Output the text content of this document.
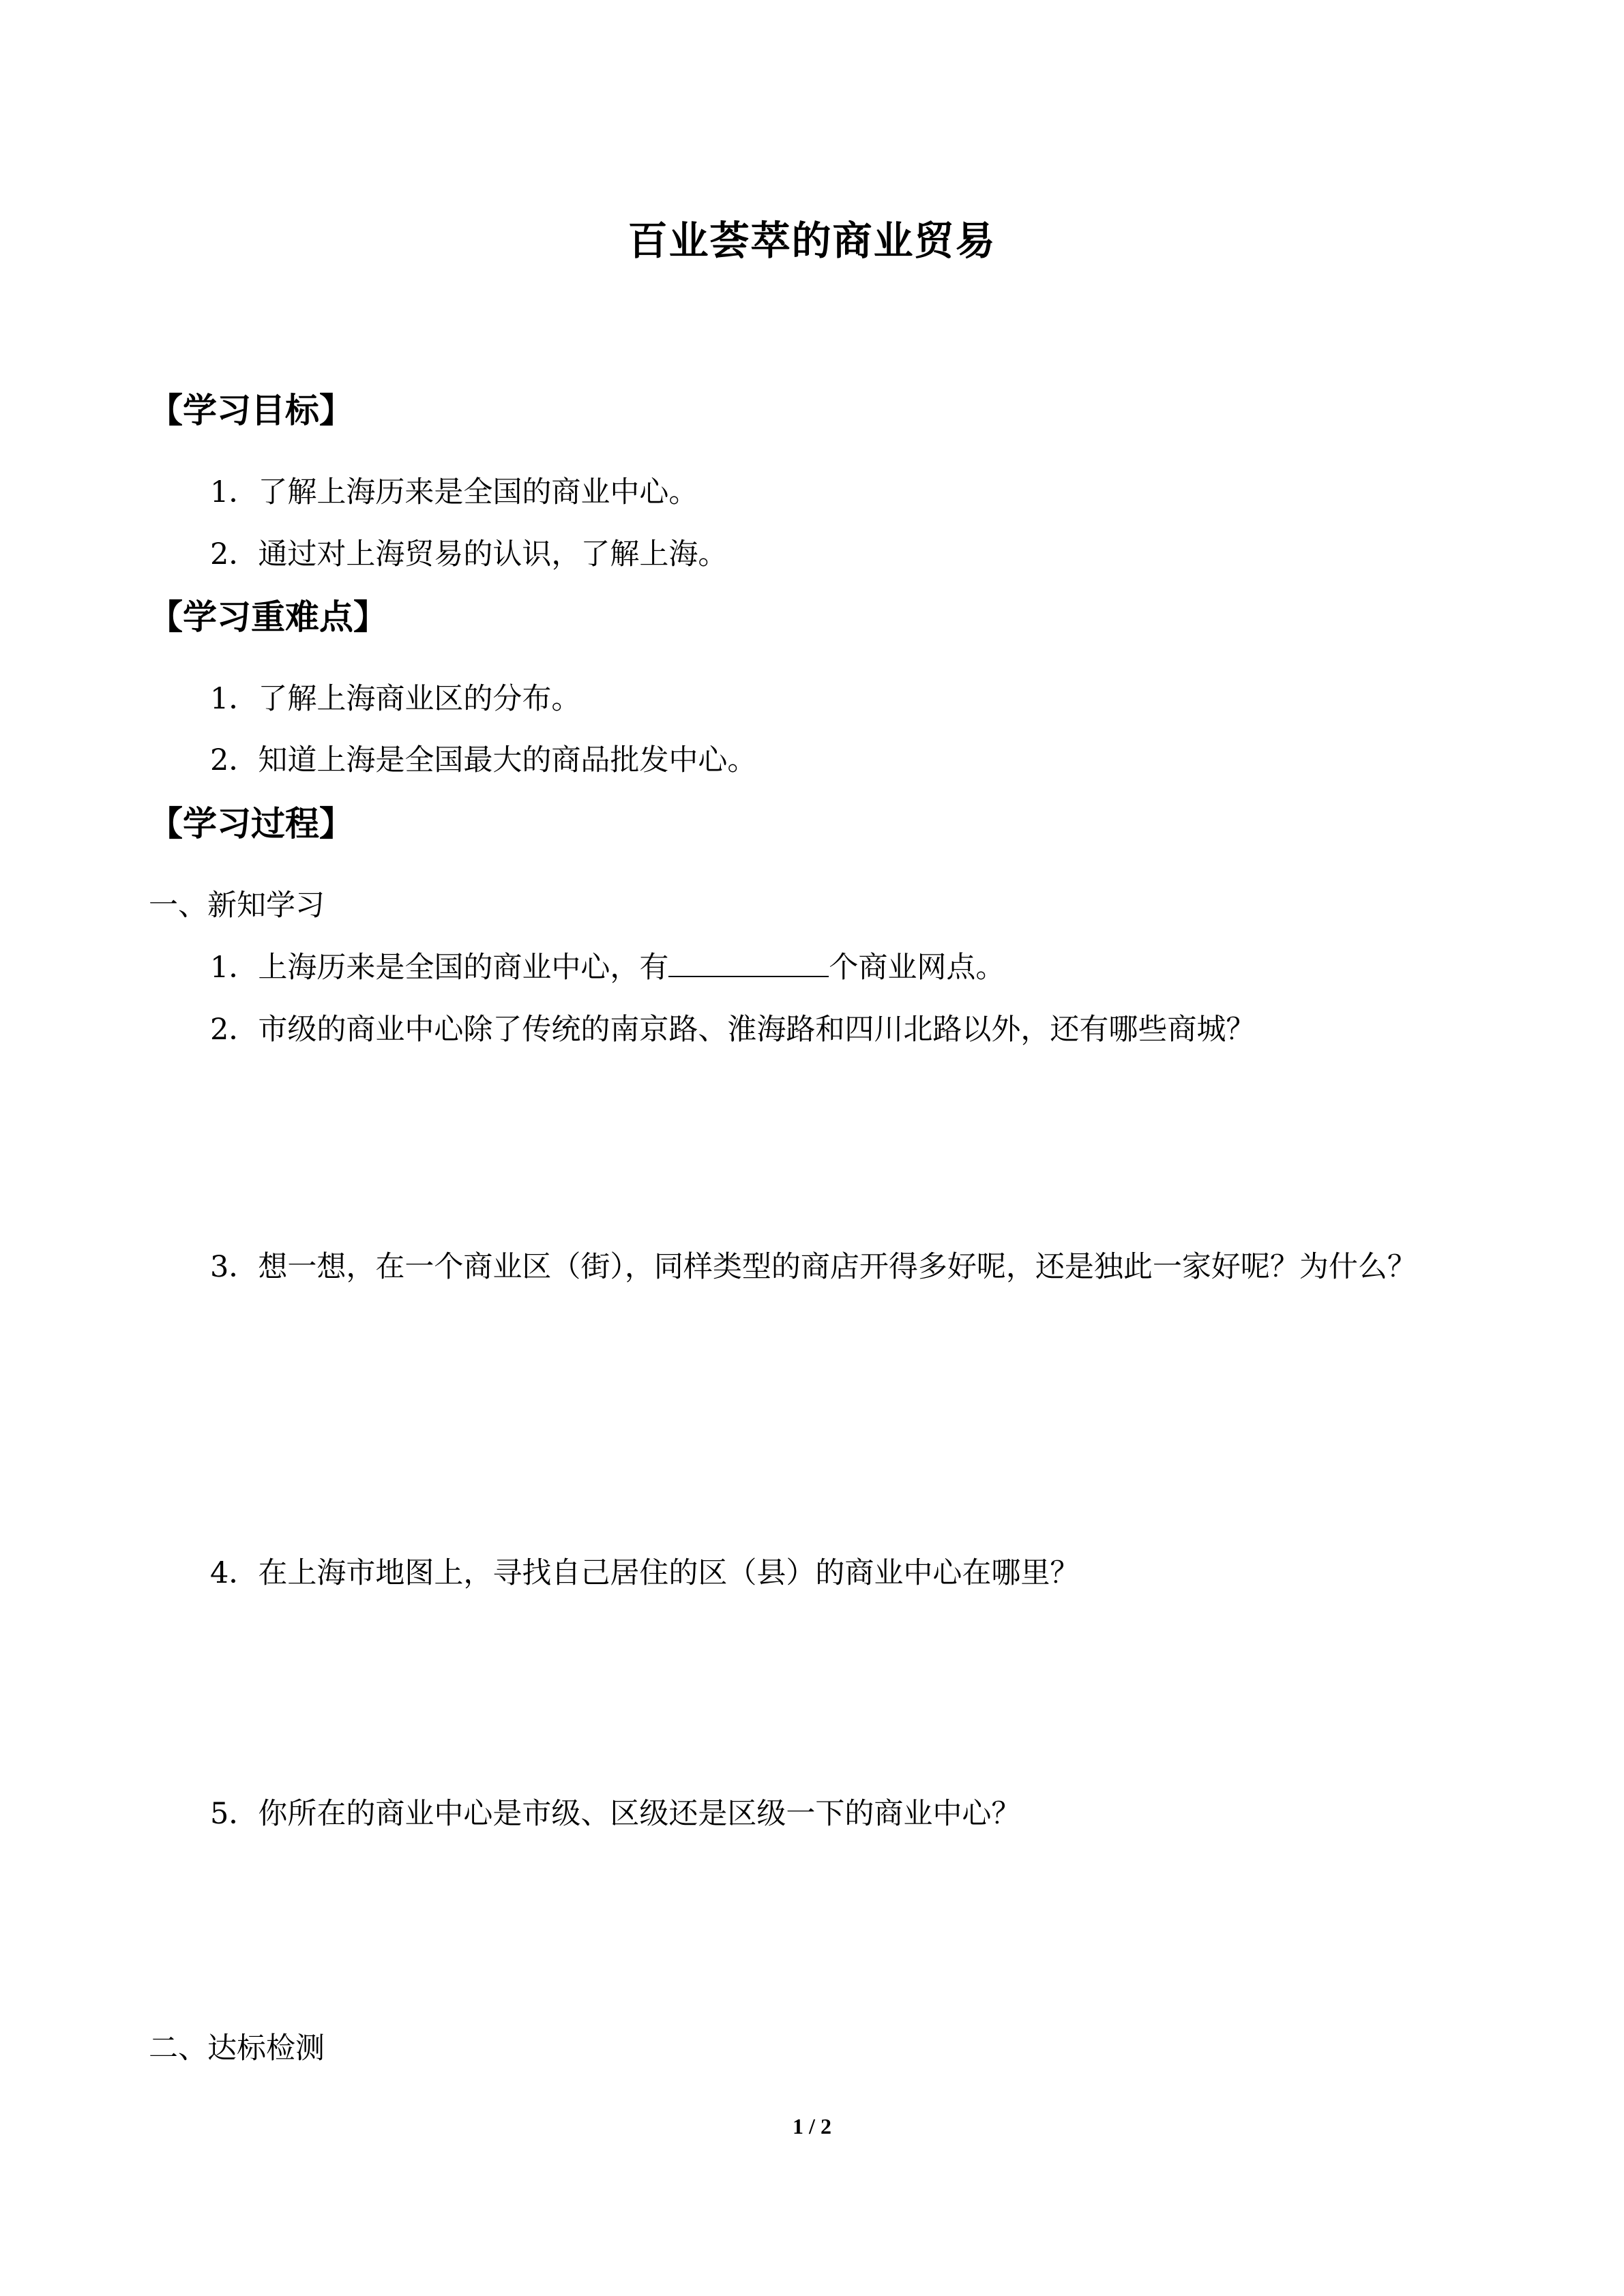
百业荟萃的商业贸易
【学习目标】
1．了解上海历来是全国的商业中心。
2．通过对上海贸易的认识，了解上海。
【学习重难点】
1．了解上海商业区的分布。
2．知道上海是全国最大的商品批发中心。
【学习过程】
一、新知学习
1．上海历来是全国的商业中心，有	个商业网点。
2．市级的商业中心除了传统的南京路、淮海路和四川北路以外，还有哪些商城？
3．想一想，在一个商业区（街），同样类型的商店开得多好呢，还是独此一家好呢？为什么？
4．在上海市地图上，寻找自己居住的区（县）的商业中心在哪里？
5．你所在的商业中心是市级、区级还是区级一下的商业中心？
二、达标检测
1 / 2
